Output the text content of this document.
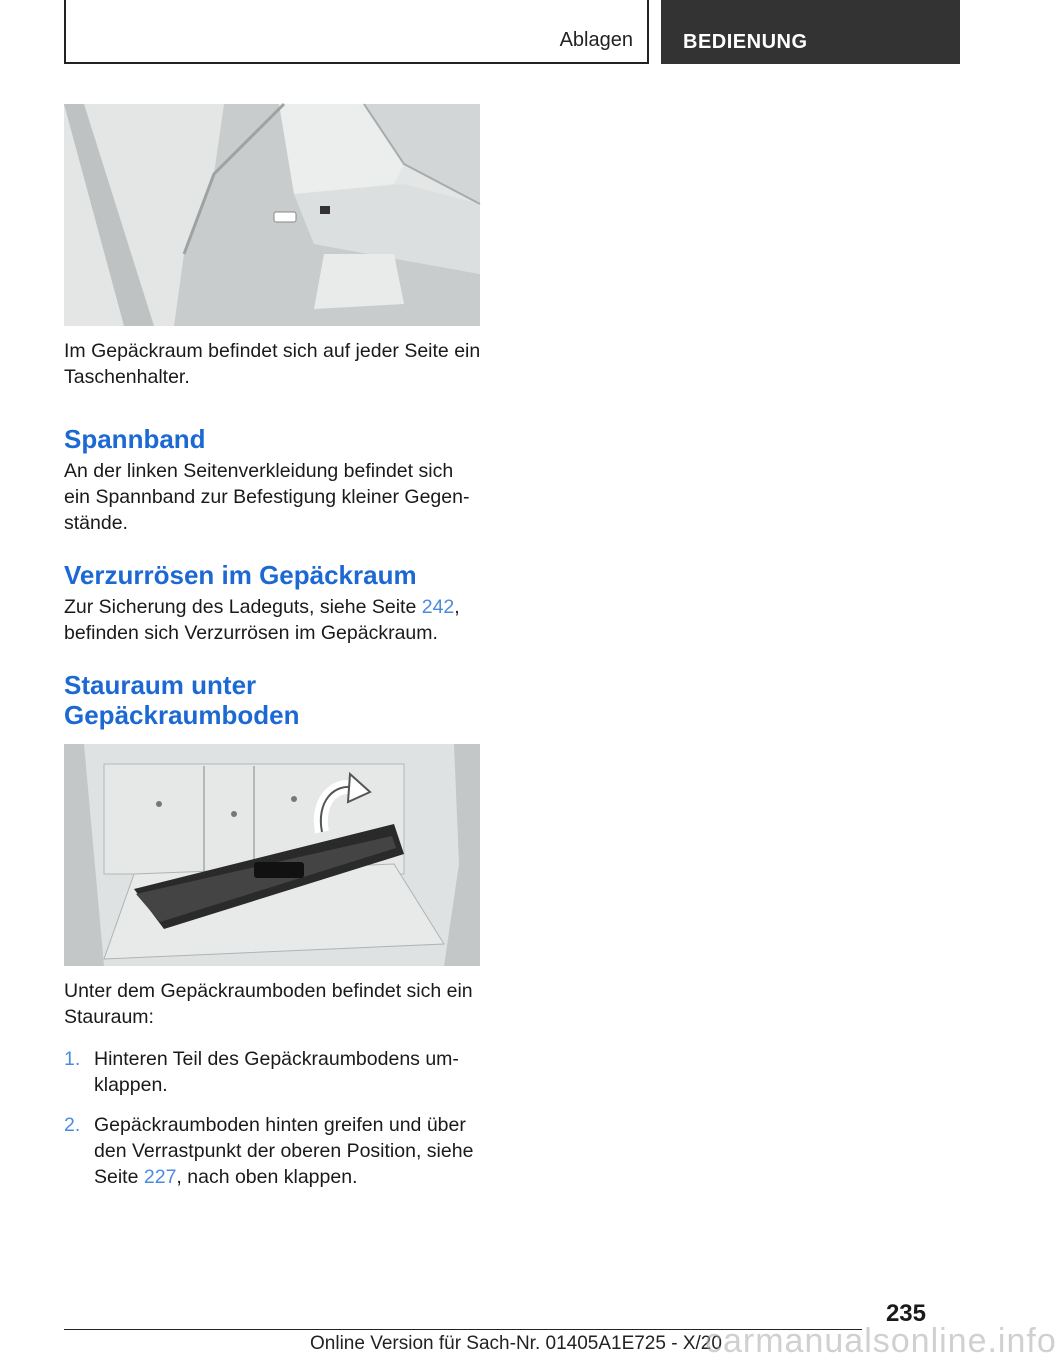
Ablagen	BEDIENUNG

Im Gepäckraum befindet sich auf jeder Seite ein Taschenhalter.

Spannband

An der linken Seitenverkleidung befindet sich ein Spannband zur Befestigung kleiner Gegen-stände.

Verzurrösen im Gepäckraum

Zur Sicherung des Ladeguts, siehe Seite 242, befinden sich Verzurrösen im Gepäckraum.

Stauraum unter
Gepäckraumboden

Unter dem Gepäckraumboden befindet sich ein Stauraum:

1. Hinteren Teil des Gepäckraumbodens um-klappen.
2. Gepäckraumboden hinten greifen und über den Verrastpunkt der oberen Position, siehe Seite 227, nach oben klappen.
235
Online Version für Sach-Nr. 01405A1E725 - X/20
carmanualsonline.info
